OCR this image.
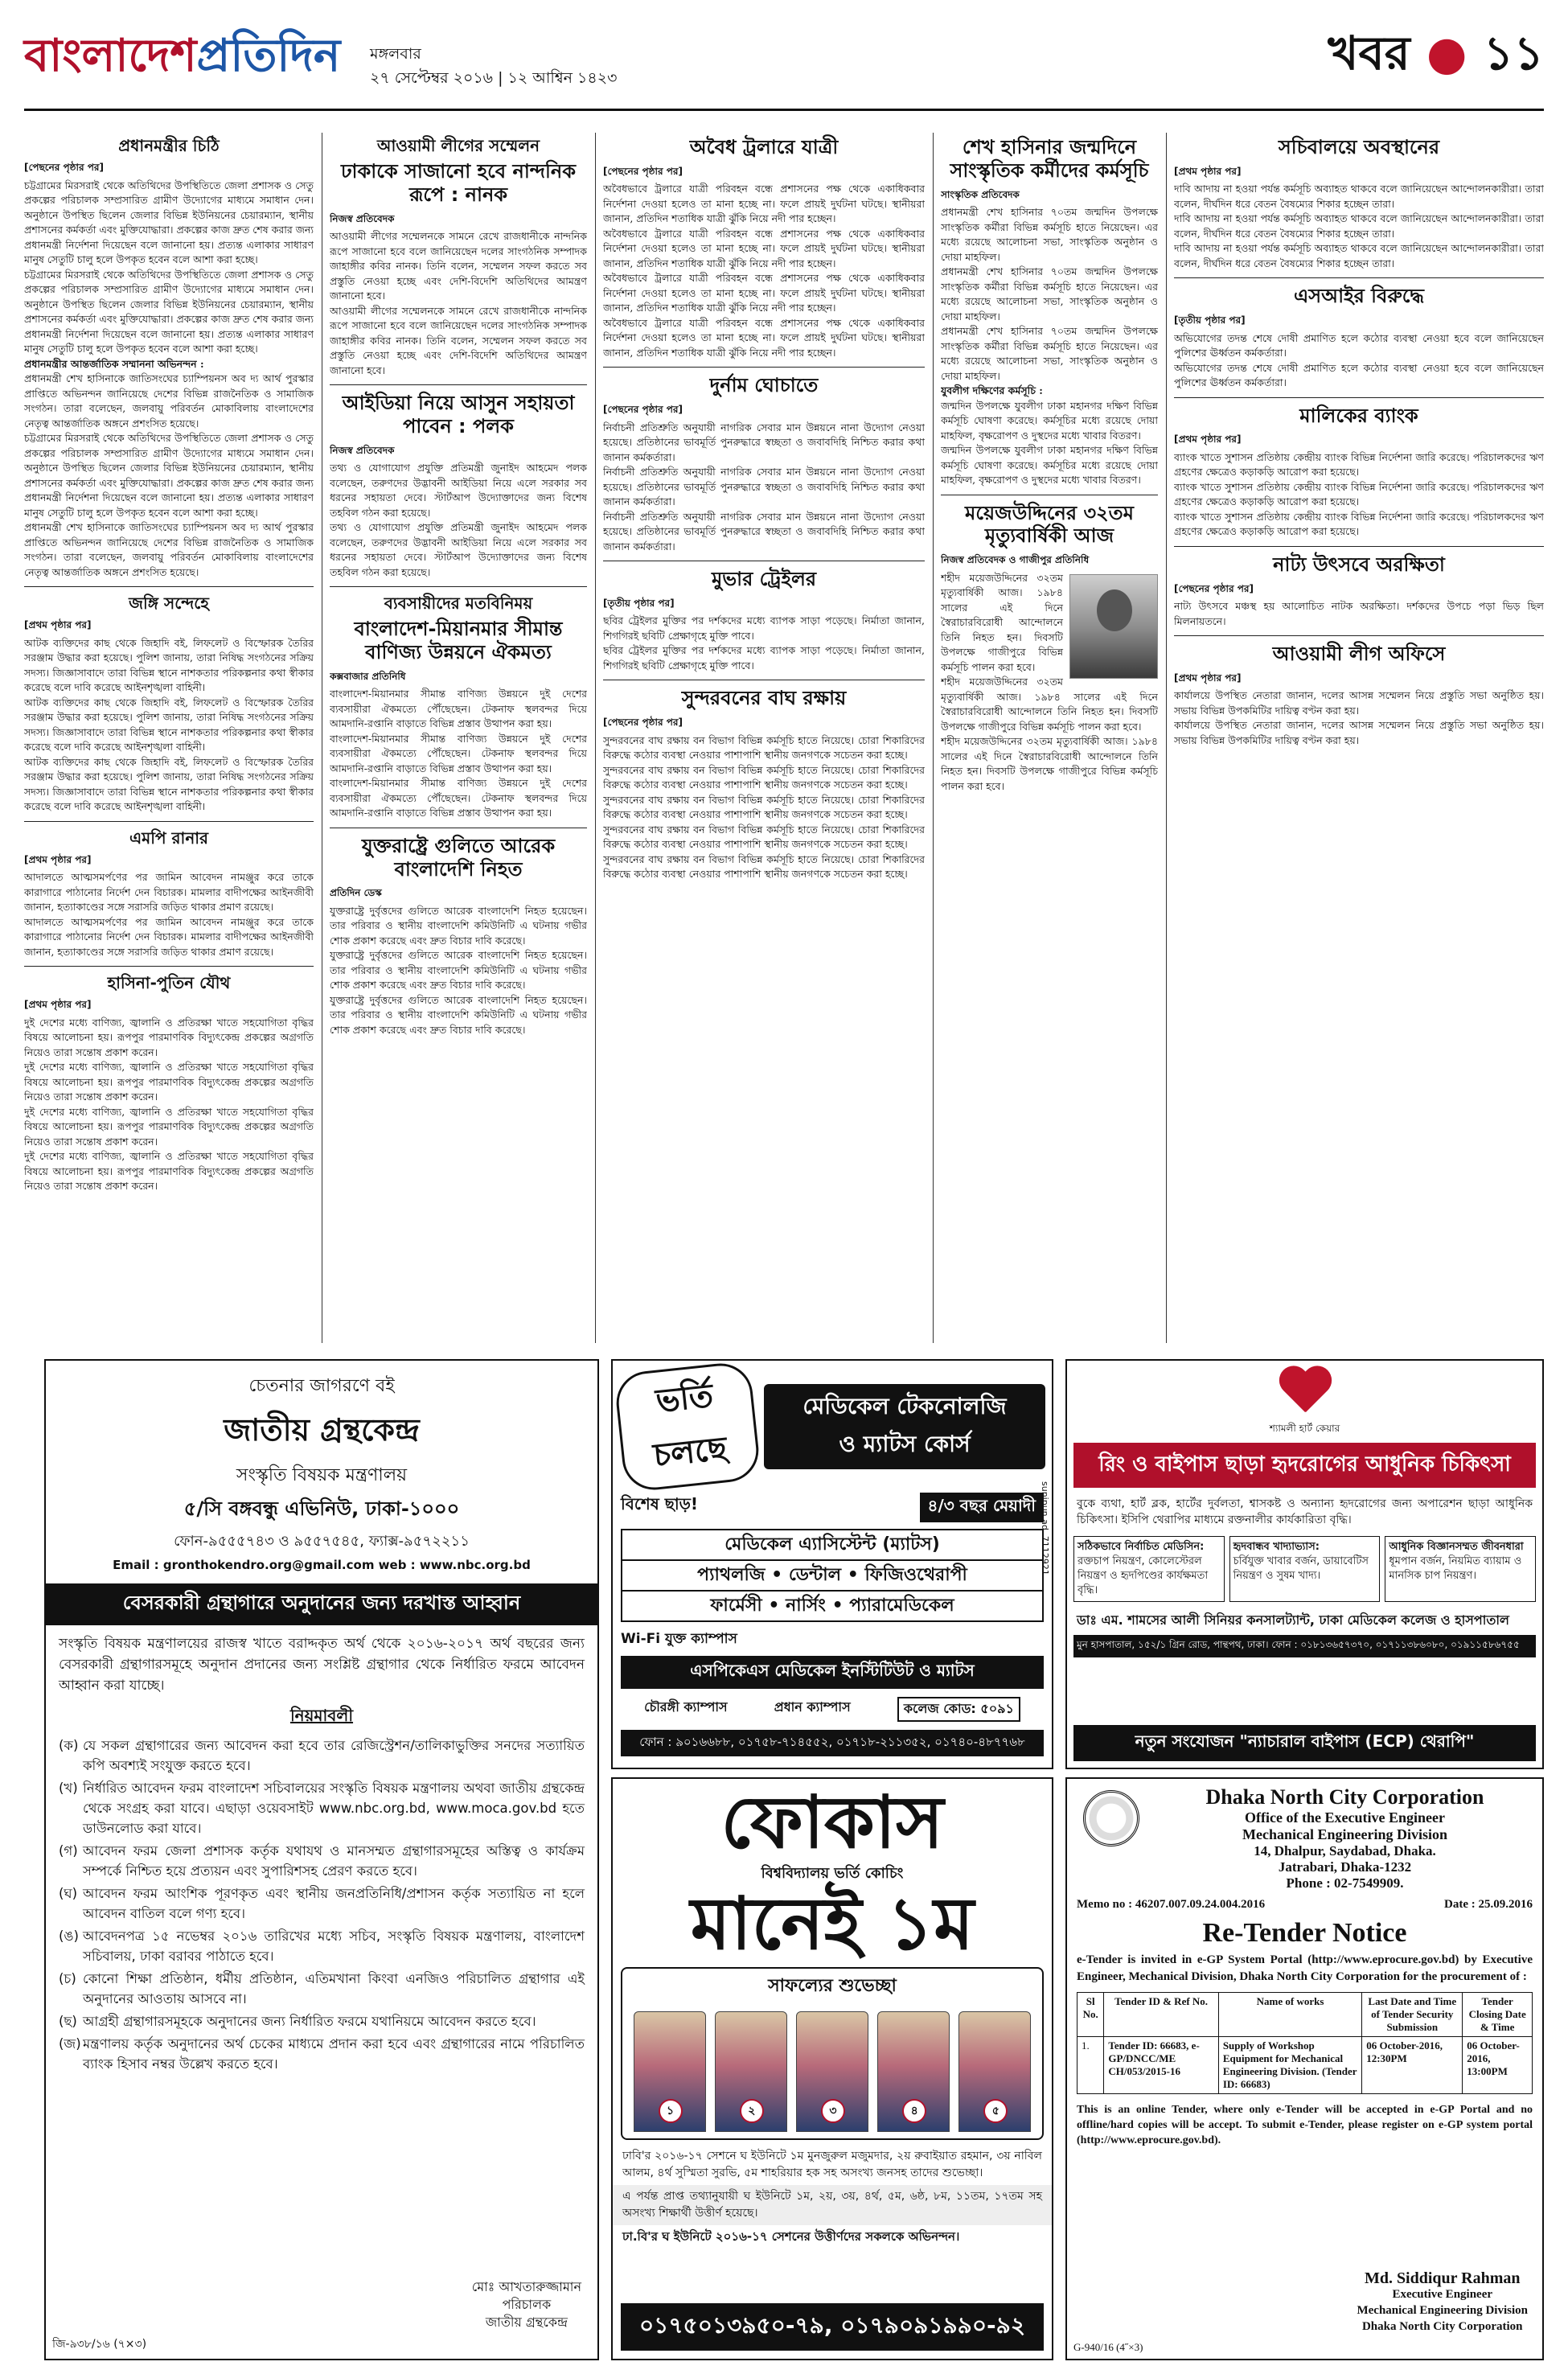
বাংলাদেশপ্রতিদিন মঙ্গলবার
২৭ সেপ্টেম্বর ২০১৬ | ১২ আশ্বিন ১৪২৩	খবর ● ১১
প্রধানমন্ত্রীর চিঠি
[পেছনের পৃষ্ঠার পর]

চট্টগ্রামের মিরসরাই থেকে অতিথিদের উপস্থিতিতে জেলা প্রশাসক ও সেতু প্রকল্পের পরিচালক সম্প্রসারিত গ্রামীণ উদ্যোগের মাধ্যমে সমাধান দেন। অনুষ্ঠানে উপস্থিত ছিলেন জেলার বিভিন্ন ইউনিয়নের চেয়ারম্যান, স্থানীয় প্রশাসনের কর্মকর্তা এবং মুক্তিযোদ্ধারা। প্রকল্পের কাজ দ্রুত শেষ করার জন্য প্রধানমন্ত্রী নির্দেশনা দিয়েছেন বলে জানানো হয়। প্রত্যন্ত এলাকার সাধারণ মানুষ সেতুটি চালু হলে উপকৃত হবেন বলে আশা করা হচ্ছে।

চট্টগ্রামের মিরসরাই থেকে অতিথিদের উপস্থিতিতে জেলা প্রশাসক ও সেতু প্রকল্পের পরিচালক সম্প্রসারিত গ্রামীণ উদ্যোগের মাধ্যমে সমাধান দেন। অনুষ্ঠানে উপস্থিত ছিলেন জেলার বিভিন্ন ইউনিয়নের চেয়ারম্যান, স্থানীয় প্রশাসনের কর্মকর্তা এবং মুক্তিযোদ্ধারা। প্রকল্পের কাজ দ্রুত শেষ করার জন্য প্রধানমন্ত্রী নির্দেশনা দিয়েছেন বলে জানানো হয়। প্রত্যন্ত এলাকার সাধারণ মানুষ সেতুটি চালু হলে উপকৃত হবেন বলে আশা করা হচ্ছে।

প্রধানমন্ত্রীর আন্তর্জাতিক সম্মাননা অভিনন্দন :

প্রধানমন্ত্রী শেখ হাসিনাকে জাতিসংঘের চ্যাম্পিয়নস অব দ্য আর্থ পুরস্কার প্রাপ্তিতে অভিনন্দন জানিয়েছে দেশের বিভিন্ন রাজনৈতিক ও সামাজিক সংগঠন। তারা বলেছেন, জলবায়ু পরিবর্তন মোকাবিলায় বাংলাদেশের নেতৃত্ব আন্তর্জাতিক অঙ্গনে প্রশংসিত হয়েছে।

চট্টগ্রামের মিরসরাই থেকে অতিথিদের উপস্থিতিতে জেলা প্রশাসক ও সেতু প্রকল্পের পরিচালক সম্প্রসারিত গ্রামীণ উদ্যোগের মাধ্যমে সমাধান দেন। অনুষ্ঠানে উপস্থিত ছিলেন জেলার বিভিন্ন ইউনিয়নের চেয়ারম্যান, স্থানীয় প্রশাসনের কর্মকর্তা এবং মুক্তিযোদ্ধারা। প্রকল্পের কাজ দ্রুত শেষ করার জন্য প্রধানমন্ত্রী নির্দেশনা দিয়েছেন বলে জানানো হয়। প্রত্যন্ত এলাকার সাধারণ মানুষ সেতুটি চালু হলে উপকৃত হবেন বলে আশা করা হচ্ছে।

প্রধানমন্ত্রী শেখ হাসিনাকে জাতিসংঘের চ্যাম্পিয়নস অব দ্য আর্থ পুরস্কার প্রাপ্তিতে অভিনন্দন জানিয়েছে দেশের বিভিন্ন রাজনৈতিক ও সামাজিক সংগঠন। তারা বলেছেন, জলবায়ু পরিবর্তন মোকাবিলায় বাংলাদেশের নেতৃত্ব আন্তর্জাতিক অঙ্গনে প্রশংসিত হয়েছে।

জঙ্গি সন্দেহে
[প্রথম পৃষ্ঠার পর]

আটক ব্যক্তিদের কাছ থেকে জিহাদি বই, লিফলেট ও বিস্ফোরক তৈরির সরঞ্জাম উদ্ধার করা হয়েছে। পুলিশ জানায়, তারা নিষিদ্ধ সংগঠনের সক্রিয় সদস্য। জিজ্ঞাসাবাদে তারা বিভিন্ন স্থানে নাশকতার পরিকল্পনার কথা স্বীকার করেছে বলে দাবি করেছে আইনশৃঙ্খলা বাহিনী।

আটক ব্যক্তিদের কাছ থেকে জিহাদি বই, লিফলেট ও বিস্ফোরক তৈরির সরঞ্জাম উদ্ধার করা হয়েছে। পুলিশ জানায়, তারা নিষিদ্ধ সংগঠনের সক্রিয় সদস্য। জিজ্ঞাসাবাদে তারা বিভিন্ন স্থানে নাশকতার পরিকল্পনার কথা স্বীকার করেছে বলে দাবি করেছে আইনশৃঙ্খলা বাহিনী।

আটক ব্যক্তিদের কাছ থেকে জিহাদি বই, লিফলেট ও বিস্ফোরক তৈরির সরঞ্জাম উদ্ধার করা হয়েছে। পুলিশ জানায়, তারা নিষিদ্ধ সংগঠনের সক্রিয় সদস্য। জিজ্ঞাসাবাদে তারা বিভিন্ন স্থানে নাশকতার পরিকল্পনার কথা স্বীকার করেছে বলে দাবি করেছে আইনশৃঙ্খলা বাহিনী।

এমপি রানার
[প্রথম পৃষ্ঠার পর]

আদালতে আত্মসমর্পণের পর জামিন আবেদন নামঞ্জুর করে তাকে কারাগারে পাঠানোর নির্দেশ দেন বিচারক। মামলার বাদীপক্ষের আইনজীবী জানান, হত্যাকাণ্ডের সঙ্গে সরাসরি জড়িত থাকার প্রমাণ রয়েছে।

আদালতে আত্মসমর্পণের পর জামিন আবেদন নামঞ্জুর করে তাকে কারাগারে পাঠানোর নির্দেশ দেন বিচারক। মামলার বাদীপক্ষের আইনজীবী জানান, হত্যাকাণ্ডের সঙ্গে সরাসরি জড়িত থাকার প্রমাণ রয়েছে।

হাসিনা-পুতিন যৌথ
[প্রথম পৃষ্ঠার পর]

দুই দেশের মধ্যে বাণিজ্য, জ্বালানি ও প্রতিরক্ষা খাতে সহযোগিতা বৃদ্ধির বিষয়ে আলোচনা হয়। রূপপুর পারমাণবিক বিদ্যুৎকেন্দ্র প্রকল্পের অগ্রগতি নিয়েও তারা সন্তোষ প্রকাশ করেন।

দুই দেশের মধ্যে বাণিজ্য, জ্বালানি ও প্রতিরক্ষা খাতে সহযোগিতা বৃদ্ধির বিষয়ে আলোচনা হয়। রূপপুর পারমাণবিক বিদ্যুৎকেন্দ্র প্রকল্পের অগ্রগতি নিয়েও তারা সন্তোষ প্রকাশ করেন।

দুই দেশের মধ্যে বাণিজ্য, জ্বালানি ও প্রতিরক্ষা খাতে সহযোগিতা বৃদ্ধির বিষয়ে আলোচনা হয়। রূপপুর পারমাণবিক বিদ্যুৎকেন্দ্র প্রকল্পের অগ্রগতি নিয়েও তারা সন্তোষ প্রকাশ করেন।

দুই দেশের মধ্যে বাণিজ্য, জ্বালানি ও প্রতিরক্ষা খাতে সহযোগিতা বৃদ্ধির বিষয়ে আলোচনা হয়। রূপপুর পারমাণবিক বিদ্যুৎকেন্দ্র প্রকল্পের অগ্রগতি নিয়েও তারা সন্তোষ প্রকাশ করেন।

আওয়ামী লীগের সম্মেলন
ঢাকাকে সাজানো হবে নান্দনিক রূপে : নানক
নিজস্ব প্রতিবেদক

আওয়ামী লীগের সম্মেলনকে সামনে রেখে রাজধানীকে নান্দনিক রূপে সাজানো হবে বলে জানিয়েছেন দলের সাংগঠনিক সম্পাদক জাহাঙ্গীর কবির নানক। তিনি বলেন, সম্মেলন সফল করতে সব প্রস্তুতি নেওয়া হচ্ছে এবং দেশি-বিদেশি অতিথিদের আমন্ত্রণ জানানো হবে।

আওয়ামী লীগের সম্মেলনকে সামনে রেখে রাজধানীকে নান্দনিক রূপে সাজানো হবে বলে জানিয়েছেন দলের সাংগঠনিক সম্পাদক জাহাঙ্গীর কবির নানক। তিনি বলেন, সম্মেলন সফল করতে সব প্রস্তুতি নেওয়া হচ্ছে এবং দেশি-বিদেশি অতিথিদের আমন্ত্রণ জানানো হবে।

আইডিয়া নিয়ে আসুন সহায়তা পাবেন : পলক
নিজস্ব প্রতিবেদক

তথ্য ও যোগাযোগ প্রযুক্তি প্রতিমন্ত্রী জুনাইদ আহমেদ পলক বলেছেন, তরুণদের উদ্ভাবনী আইডিয়া নিয়ে এলে সরকার সব ধরনের সহায়তা দেবে। স্টার্টআপ উদ্যোক্তাদের জন্য বিশেষ তহবিল গঠন করা হয়েছে।

তথ্য ও যোগাযোগ প্রযুক্তি প্রতিমন্ত্রী জুনাইদ আহমেদ পলক বলেছেন, তরুণদের উদ্ভাবনী আইডিয়া নিয়ে এলে সরকার সব ধরনের সহায়তা দেবে। স্টার্টআপ উদ্যোক্তাদের জন্য বিশেষ তহবিল গঠন করা হয়েছে।

ব্যবসায়ীদের মতবিনিময়
বাংলাদেশ-মিয়ানমার সীমান্ত বাণিজ্য উন্নয়নে ঐকমত্য
কক্সবাজার প্রতিনিধি

বাংলাদেশ-মিয়ানমার সীমান্ত বাণিজ্য উন্নয়নে দুই দেশের ব্যবসায়ীরা ঐকমত্যে পৌঁছেছেন। টেকনাফ স্থলবন্দর দিয়ে আমদানি-রপ্তানি বাড়াতে বিভিন্ন প্রস্তাব উত্থাপন করা হয়।

বাংলাদেশ-মিয়ানমার সীমান্ত বাণিজ্য উন্নয়নে দুই দেশের ব্যবসায়ীরা ঐকমত্যে পৌঁছেছেন। টেকনাফ স্থলবন্দর দিয়ে আমদানি-রপ্তানি বাড়াতে বিভিন্ন প্রস্তাব উত্থাপন করা হয়।

বাংলাদেশ-মিয়ানমার সীমান্ত বাণিজ্য উন্নয়নে দুই দেশের ব্যবসায়ীরা ঐকমত্যে পৌঁছেছেন। টেকনাফ স্থলবন্দর দিয়ে আমদানি-রপ্তানি বাড়াতে বিভিন্ন প্রস্তাব উত্থাপন করা হয়।

যুক্তরাষ্ট্রে গুলিতে আরেক বাংলাদেশি নিহত
প্রতিদিন ডেস্ক

যুক্তরাষ্ট্রে দুর্বৃত্তদের গুলিতে আরেক বাংলাদেশি নিহত হয়েছেন। তার পরিবার ও স্থানীয় বাংলাদেশি কমিউনিটি এ ঘটনায় গভীর শোক প্রকাশ করেছে এবং দ্রুত বিচার দাবি করেছে।

যুক্তরাষ্ট্রে দুর্বৃত্তদের গুলিতে আরেক বাংলাদেশি নিহত হয়েছেন। তার পরিবার ও স্থানীয় বাংলাদেশি কমিউনিটি এ ঘটনায় গভীর শোক প্রকাশ করেছে এবং দ্রুত বিচার দাবি করেছে।

যুক্তরাষ্ট্রে দুর্বৃত্তদের গুলিতে আরেক বাংলাদেশি নিহত হয়েছেন। তার পরিবার ও স্থানীয় বাংলাদেশি কমিউনিটি এ ঘটনায় গভীর শোক প্রকাশ করেছে এবং দ্রুত বিচার দাবি করেছে।

অবৈধ ট্রলারে যাত্রী
[পেছনের পৃষ্ঠার পর]

অবৈধভাবে ট্রলারে যাত্রী পরিবহন বন্ধে প্রশাসনের পক্ষ থেকে একাধিকবার নির্দেশনা দেওয়া হলেও তা মানা হচ্ছে না। ফলে প্রায়ই দুর্ঘটনা ঘটছে। স্থানীয়রা জানান, প্রতিদিন শতাধিক যাত্রী ঝুঁকি নিয়ে নদী পার হচ্ছেন।

অবৈধভাবে ট্রলারে যাত্রী পরিবহন বন্ধে প্রশাসনের পক্ষ থেকে একাধিকবার নির্দেশনা দেওয়া হলেও তা মানা হচ্ছে না। ফলে প্রায়ই দুর্ঘটনা ঘটছে। স্থানীয়রা জানান, প্রতিদিন শতাধিক যাত্রী ঝুঁকি নিয়ে নদী পার হচ্ছেন।

অবৈধভাবে ট্রলারে যাত্রী পরিবহন বন্ধে প্রশাসনের পক্ষ থেকে একাধিকবার নির্দেশনা দেওয়া হলেও তা মানা হচ্ছে না। ফলে প্রায়ই দুর্ঘটনা ঘটছে। স্থানীয়রা জানান, প্রতিদিন শতাধিক যাত্রী ঝুঁকি নিয়ে নদী পার হচ্ছেন।

অবৈধভাবে ট্রলারে যাত্রী পরিবহন বন্ধে প্রশাসনের পক্ষ থেকে একাধিকবার নির্দেশনা দেওয়া হলেও তা মানা হচ্ছে না। ফলে প্রায়ই দুর্ঘটনা ঘটছে। স্থানীয়রা জানান, প্রতিদিন শতাধিক যাত্রী ঝুঁকি নিয়ে নদী পার হচ্ছেন।

দুর্নাম ঘোচাতে
[পেছনের পৃষ্ঠার পর]

নির্বাচনী প্রতিশ্রুতি অনুযায়ী নাগরিক সেবার মান উন্নয়নে নানা উদ্যোগ নেওয়া হয়েছে। প্রতিষ্ঠানের ভাবমূর্তি পুনরুদ্ধারে স্বচ্ছতা ও জবাবদিহি নিশ্চিত করার কথা জানান কর্মকর্তারা।

নির্বাচনী প্রতিশ্রুতি অনুযায়ী নাগরিক সেবার মান উন্নয়নে নানা উদ্যোগ নেওয়া হয়েছে। প্রতিষ্ঠানের ভাবমূর্তি পুনরুদ্ধারে স্বচ্ছতা ও জবাবদিহি নিশ্চিত করার কথা জানান কর্মকর্তারা।

নির্বাচনী প্রতিশ্রুতি অনুযায়ী নাগরিক সেবার মান উন্নয়নে নানা উদ্যোগ নেওয়া হয়েছে। প্রতিষ্ঠানের ভাবমূর্তি পুনরুদ্ধারে স্বচ্ছতা ও জবাবদিহি নিশ্চিত করার কথা জানান কর্মকর্তারা।

মুভার ট্রেইলর
[তৃতীয় পৃষ্ঠার পর]

ছবির ট্রেইলর মুক্তির পর দর্শকদের মধ্যে ব্যাপক সাড়া পড়েছে। নির্মাতা জানান, শিগগিরই ছবিটি প্রেক্ষাগৃহে মুক্তি পাবে।

ছবির ট্রেইলর মুক্তির পর দর্শকদের মধ্যে ব্যাপক সাড়া পড়েছে। নির্মাতা জানান, শিগগিরই ছবিটি প্রেক্ষাগৃহে মুক্তি পাবে।

সুন্দরবনের বাঘ রক্ষায়
[পেছনের পৃষ্ঠার পর]

সুন্দরবনের বাঘ রক্ষায় বন বিভাগ বিভিন্ন কর্মসূচি হাতে নিয়েছে। চোরা শিকারিদের বিরুদ্ধে কঠোর ব্যবস্থা নেওয়ার পাশাপাশি স্থানীয় জনগণকে সচেতন করা হচ্ছে।

সুন্দরবনের বাঘ রক্ষায় বন বিভাগ বিভিন্ন কর্মসূচি হাতে নিয়েছে। চোরা শিকারিদের বিরুদ্ধে কঠোর ব্যবস্থা নেওয়ার পাশাপাশি স্থানীয় জনগণকে সচেতন করা হচ্ছে।

সুন্দরবনের বাঘ রক্ষায় বন বিভাগ বিভিন্ন কর্মসূচি হাতে নিয়েছে। চোরা শিকারিদের বিরুদ্ধে কঠোর ব্যবস্থা নেওয়ার পাশাপাশি স্থানীয় জনগণকে সচেতন করা হচ্ছে।

সুন্দরবনের বাঘ রক্ষায় বন বিভাগ বিভিন্ন কর্মসূচি হাতে নিয়েছে। চোরা শিকারিদের বিরুদ্ধে কঠোর ব্যবস্থা নেওয়ার পাশাপাশি স্থানীয় জনগণকে সচেতন করা হচ্ছে।

সুন্দরবনের বাঘ রক্ষায় বন বিভাগ বিভিন্ন কর্মসূচি হাতে নিয়েছে। চোরা শিকারিদের বিরুদ্ধে কঠোর ব্যবস্থা নেওয়ার পাশাপাশি স্থানীয় জনগণকে সচেতন করা হচ্ছে।

শেখ হাসিনার জন্মদিনে সাংস্কৃতিক কর্মীদের কর্মসূচি
সাংস্কৃতিক প্রতিবেদক

প্রধানমন্ত্রী শেখ হাসিনার ৭০তম জন্মদিন উপলক্ষে সাংস্কৃতিক কর্মীরা বিভিন্ন কর্মসূচি হাতে নিয়েছেন। এর মধ্যে রয়েছে আলোচনা সভা, সাংস্কৃতিক অনুষ্ঠান ও দোয়া মাহফিল।

প্রধানমন্ত্রী শেখ হাসিনার ৭০তম জন্মদিন উপলক্ষে সাংস্কৃতিক কর্মীরা বিভিন্ন কর্মসূচি হাতে নিয়েছেন। এর মধ্যে রয়েছে আলোচনা সভা, সাংস্কৃতিক অনুষ্ঠান ও দোয়া মাহফিল।

প্রধানমন্ত্রী শেখ হাসিনার ৭০তম জন্মদিন উপলক্ষে সাংস্কৃতিক কর্মীরা বিভিন্ন কর্মসূচি হাতে নিয়েছেন। এর মধ্যে রয়েছে আলোচনা সভা, সাংস্কৃতিক অনুষ্ঠান ও দোয়া মাহফিল।

যুবলীগ দক্ষিণের কর্মসূচি :

জন্মদিন উপলক্ষে যুবলীগ ঢাকা মহানগর দক্ষিণ বিভিন্ন কর্মসূচি ঘোষণা করেছে। কর্মসূচির মধ্যে রয়েছে দোয়া মাহফিল, বৃক্ষরোপণ ও দুস্থদের মধ্যে খাবার বিতরণ।

জন্মদিন উপলক্ষে যুবলীগ ঢাকা মহানগর দক্ষিণ বিভিন্ন কর্মসূচি ঘোষণা করেছে। কর্মসূচির মধ্যে রয়েছে দোয়া মাহফিল, বৃক্ষরোপণ ও দুস্থদের মধ্যে খাবার বিতরণ।

ময়েজউদ্দিনের ৩২তম মৃত্যুবার্ষিকী আজ
নিজস্ব প্রতিবেদক ও গাজীপুর প্রতিনিধি

শহীদ ময়েজউদ্দিনের ৩২তম মৃত্যুবার্ষিকী আজ। ১৯৮৪ সালের এই দিনে স্বৈরাচারবিরোধী আন্দোলনে তিনি নিহত হন। দিবসটি উপলক্ষে গাজীপুরে বিভিন্ন কর্মসূচি পালন করা হবে।

শহীদ ময়েজউদ্দিনের ৩২তম মৃত্যুবার্ষিকী আজ। ১৯৮৪ সালের এই দিনে স্বৈরাচারবিরোধী আন্দোলনে তিনি নিহত হন। দিবসটি উপলক্ষে গাজীপুরে বিভিন্ন কর্মসূচি পালন করা হবে।

শহীদ ময়েজউদ্দিনের ৩২তম মৃত্যুবার্ষিকী আজ। ১৯৮৪ সালের এই দিনে স্বৈরাচারবিরোধী আন্দোলনে তিনি নিহত হন। দিবসটি উপলক্ষে গাজীপুরে বিভিন্ন কর্মসূচি পালন করা হবে।

সচিবালয়ে অবস্থানের
[প্রথম পৃষ্ঠার পর]

দাবি আদায় না হওয়া পর্যন্ত কর্মসূচি অব্যাহত থাকবে বলে জানিয়েছেন আন্দোলনকারীরা। তারা বলেন, দীর্ঘদিন ধরে বেতন বৈষম্যের শিকার হচ্ছেন তারা।

দাবি আদায় না হওয়া পর্যন্ত কর্মসূচি অব্যাহত থাকবে বলে জানিয়েছেন আন্দোলনকারীরা। তারা বলেন, দীর্ঘদিন ধরে বেতন বৈষম্যের শিকার হচ্ছেন তারা।

দাবি আদায় না হওয়া পর্যন্ত কর্মসূচি অব্যাহত থাকবে বলে জানিয়েছেন আন্দোলনকারীরা। তারা বলেন, দীর্ঘদিন ধরে বেতন বৈষম্যের শিকার হচ্ছেন তারা।

এসআইর বিরুদ্ধে
[তৃতীয় পৃষ্ঠার পর]

অভিযোগের তদন্ত শেষে দোষী প্রমাণিত হলে কঠোর ব্যবস্থা নেওয়া হবে বলে জানিয়েছেন পুলিশের ঊর্ধ্বতন কর্মকর্তারা।

অভিযোগের তদন্ত শেষে দোষী প্রমাণিত হলে কঠোর ব্যবস্থা নেওয়া হবে বলে জানিয়েছেন পুলিশের ঊর্ধ্বতন কর্মকর্তারা।

মালিকের ব্যাংক
[প্রথম পৃষ্ঠার পর]

ব্যাংক খাতে সুশাসন প্রতিষ্ঠায় কেন্দ্রীয় ব্যাংক বিভিন্ন নির্দেশনা জারি করেছে। পরিচালকদের ঋণ গ্রহণের ক্ষেত্রেও কড়াকড়ি আরোপ করা হয়েছে।

ব্যাংক খাতে সুশাসন প্রতিষ্ঠায় কেন্দ্রীয় ব্যাংক বিভিন্ন নির্দেশনা জারি করেছে। পরিচালকদের ঋণ গ্রহণের ক্ষেত্রেও কড়াকড়ি আরোপ করা হয়েছে।

ব্যাংক খাতে সুশাসন প্রতিষ্ঠায় কেন্দ্রীয় ব্যাংক বিভিন্ন নির্দেশনা জারি করেছে। পরিচালকদের ঋণ গ্রহণের ক্ষেত্রেও কড়াকড়ি আরোপ করা হয়েছে।

নাট্য উৎসবে অরক্ষিতা
[পেছনের পৃষ্ঠার পর]

নাট্য উৎসবে মঞ্চস্থ হয় আলোচিত নাটক অরক্ষিতা। দর্শকদের উপচে পড়া ভিড় ছিল মিলনায়তনে।

আওয়ামী লীগ অফিসে
[প্রথম পৃষ্ঠার পর]

কার্যালয়ে উপস্থিত নেতারা জানান, দলের আসন্ন সম্মেলন নিয়ে প্রস্তুতি সভা অনুষ্ঠিত হয়। সভায় বিভিন্ন উপকমিটির দায়িত্ব বণ্টন করা হয়।

কার্যালয়ে উপস্থিত নেতারা জানান, দলের আসন্ন সম্মেলন নিয়ে প্রস্তুতি সভা অনুষ্ঠিত হয়। সভায় বিভিন্ন উপকমিটির দায়িত্ব বণ্টন করা হয়।

চেতনার জাগরণে বই
জাতীয় গ্রন্থকেন্দ্র
সংস্কৃতি বিষয়ক মন্ত্রণালয়
৫/সি বঙ্গবন্ধু এভিনিউ, ঢাকা-১০০০
ফোন-৯৫৫৫৭৪৩ ও ৯৫৫৭৫৪৫, ফ্যাক্স-৯৫৭২২১১
Email : gronthokendro.org@gmail.com web : www.nbc.org.bd
বেসরকারী গ্রন্থাগারে অনুদানের জন্য দরখাস্ত আহ্বান

সংস্কৃতি বিষয়ক মন্ত্রণালয়ের রাজস্ব খাতে বরাদ্দকৃত অর্থ থেকে ২০১৬-২০১৭ অর্থ বছরের জন্য বেসরকারী গ্রন্থাগারসমূহে অনুদান প্রদানের জন্য সংশ্লিষ্ট গ্রন্থাগার থেকে নির্ধারিত ফরমে আবেদন আহ্বান করা যাচ্ছে।

নিয়মাবলী
(ক) যে সকল গ্রন্থাগারের জন্য আবেদন করা হবে তার রেজিস্ট্রেশন/তালিকাভুক্তির সনদের সত্যায়িত কপি অবশ্যই সংযুক্ত করতে হবে।
(খ) নির্ধারিত আবেদন ফরম বাংলাদেশ সচিবালয়ের সংস্কৃতি বিষয়ক মন্ত্রণালয় অথবা জাতীয় গ্রন্থকেন্দ্র থেকে সংগ্রহ করা যাবে। এছাড়া ওয়েবসাইট www.nbc.org.bd, www.moca.gov.bd হতে ডাউনলোড করা যাবে।
(গ) আবেদন ফরম জেলা প্রশাসক কর্তৃক যথাযথ ও মানসম্মত গ্রন্থাগারসমূহের অস্তিত্ব ও কার্যক্রম সম্পর্কে নিশ্চিত হয়ে প্রত্যয়ন এবং সুপারিশসহ প্রেরণ করতে হবে।
(ঘ) আবেদন ফরম আংশিক পূরণকৃত এবং স্থানীয় জনপ্রতিনিধি/প্রশাসন কর্তৃক সত্যায়িত না হলে আবেদন বাতিল বলে গণ্য হবে।
(ঙ) আবেদনপত্র ১৫ নভেম্বর ২০১৬ তারিখের মধ্যে সচিব, সংস্কৃতি বিষয়ক মন্ত্রণালয়, বাংলাদেশ সচিবালয়, ঢাকা বরাবর পাঠাতে হবে।
(চ) কোনো শিক্ষা প্রতিষ্ঠান, ধর্মীয় প্রতিষ্ঠান, এতিমখানা কিংবা এনজিও পরিচালিত গ্রন্থাগার এই অনুদানের আওতায় আসবে না।
(ছ) আগ্রহী গ্রন্থাগারসমূহকে অনুদানের জন্য নির্ধারিত ফরমে যথানিয়মে আবেদন করতে হবে।
(জ) মন্ত্রণালয় কর্তৃক অনুদানের অর্থ চেকের মাধ্যমে প্রদান করা হবে এবং গ্রন্থাগারের নামে পরিচালিত ব্যাংক হিসাব নম্বর উল্লেখ করতে হবে।
মোঃ আখতারুজ্জামান
পরিচালক
জাতীয় গ্রন্থকেন্দ্র
জি-৯৩৮/১৬ (৭×৩)
ভর্তি চলছে
মেডিকেল টেকনোলজি
ও ম্যাটস কোর্স
বিশেষ ছাড়!	৪/৩ বছর মেয়াদী
মেডিকেল এ্যাসিস্টেন্ট (ম্যাটস)
প্যাথলজি • ডেন্টাল • ফিজিওথেরাপী
ফার্মেসী • নার্সিং • প্যারামেডিকেল
Wi-Fi যুক্ত ক্যাম্পাস
এসপিকেএস মেডিকেল ইনস্টিটিউট ও ম্যাটস
চৌরঙ্গী ক্যাম্পাস	প্রধান ক্যাম্পাস	কলেজ কোড: ৫০৯১
ফোন : ৯০১৬৬৮৮, ০১৭৫৮-৭১৪৫৫২, ০১৭১৮-২১১৩৫২, ০১৭৪০-৪৮৭৭৬৮
sunipun ad. 7112921
ফোকাস
বিশ্ববিদ্যালয় ভর্তি কোচিং
মানেই ১ম
সাফল্যের শুভেচ্ছা
১	২	৩	৪	৫

ঢাবি'র ২০১৬-১৭ সেশনে ঘ ইউনিটে ১ম মুনজুরুল মজুমদার, ২য় রুবাইয়াত রহমান, ৩য় নাবিল আলম, ৪র্থ সুস্মিতা সুরভি, ৫ম শাহরিয়ার হক সহ অসংখ্য জনসহ তাদের শুভেচ্ছা।

এ পর্যন্ত প্রাপ্ত তথ্যানুযায়ী ঘ ইউনিটে ১ম, ২য়, ৩য়, ৪র্থ, ৫ম, ৬ষ্ঠ, ৮ম, ১১তম, ১৭তম সহ অসংখ্য শিক্ষার্থী উত্তীর্ণ হয়েছে।

ঢা.বি'র ঘ ইউনিটে ২০১৬-১৭ সেশনের উত্তীর্ণদের সকলকে অভিনন্দন।

০১৭৫০১৩৯৫০-৭৯, ০১৭৯০৯১৯৯০-৯২
শ্যামলী হার্ট কেয়ার
রিং ও বাইপাস ছাড়া হৃদরোগের আধুনিক চিকিৎসা

বুকে ব্যথা, হার্ট ব্লক, হার্টের দুর্বলতা, শ্বাসকষ্ট ও অন্যান্য হৃদরোগের জন্য অপারেশন ছাড়া আধুনিক চিকিৎসা। ইসিপি থেরাপির মাধ্যমে রক্তনালীর কার্যকারিতা বৃদ্ধি।

সঠিকভাবে নির্বাচিত মেডিসিন:
রক্তচাপ নিয়ন্ত্রণ, কোলেস্টেরল নিয়ন্ত্রণ ও হৃদপিণ্ডের কার্যক্ষমতা বৃদ্ধি।
হৃদবান্ধব খাদ্যাভ্যাস:
চর্বিযুক্ত খাবার বর্জন, ডায়াবেটিস নিয়ন্ত্রণ ও সুষম খাদ্য।
আধুনিক বিজ্ঞানসম্মত জীবনধারা
ধূমপান বর্জন, নিয়মিত ব্যায়াম ও মানসিক চাপ নিয়ন্ত্রণ।
ডাঃ এম. শামসের আলী সিনিয়র কনসালট্যান্ট, ঢাকা মেডিকেল কলেজ ও হাসপাতাল
মুন হাসপাতাল, ১৫২/১ গ্রিন রোড, পান্থপথ, ঢাকা। ফোন : ০১৮১৩৬৫৭৩৭০, ০১৭১১৩৮৬০৮০, ০১৯১১৫৮৬৭৫৫
নতুন সংযোজন "ন্যাচারাল বাইপাস (ECP) থেরাপি"
Dhaka North City Corporation
Office of the Executive Engineer
Mechanical Engineering Division
14, Dhalpur, Saydabad, Dhaka.
Jatrabari, Dhaka-1232
Phone : 02-7549909.
Memo no : 46207.007.09.24.004.2016	Date : 25.09.2016
Re-Tender Notice

e-Tender is invited in e-GP System Portal (http://www.eprocure.gov.bd) by Executive Engineer, Mechanical Division, Dhaka North City Corporation for the procurement of :

Sl No.	Tender ID & Ref No.	Name of works	Last Date and Time of Tender Security Submission	Tender Closing Date & Time
1.	Tender ID: 66683, e-GP/DNCC/ME CH/053/2015-16	Supply of Workshop Equipment for Mechanical Engineering Division. (Tender ID: 66683)	06 October-2016, 12:30PM	06 October-2016, 13:00PM

This is an online Tender, where only e-Tender will be accepted in e-GP Portal and no offline/hard copies will be accept. To submit e-Tender, please register on e-GP system portal (http://www.eprocure.gov.bd).

Md. Siddiqur Rahman
Executive Engineer
Mechanical Engineering Division
Dhaka North City Corporation
G-940/16 (4˝×3)
